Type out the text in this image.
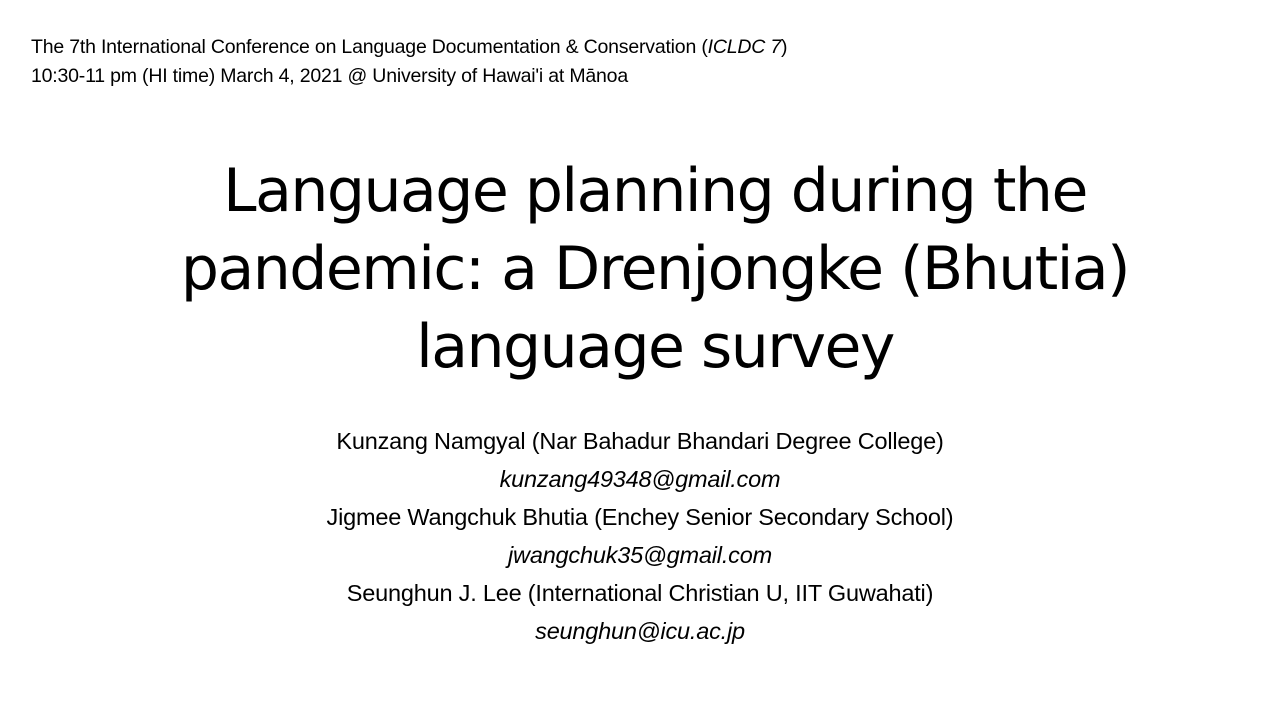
The 7th International Conference on Language Documentation & Conservation (ICLDC 7)
10:30-11 pm (HI time) March 4, 2021 @ University of Hawai'i at Mānoa
Language planning during the
pandemic: a Drenjongke (Bhutia)
language survey
Kunzang Namgyal (Nar Bahadur Bhandari Degree College)
kunzang49348@gmail.com
Jigmee Wangchuk Bhutia (Enchey Senior Secondary School)
jwangchuk35@gmail.com
Seunghun J. Lee (International Christian U, IIT Guwahati)
seunghun@icu.ac.jp
